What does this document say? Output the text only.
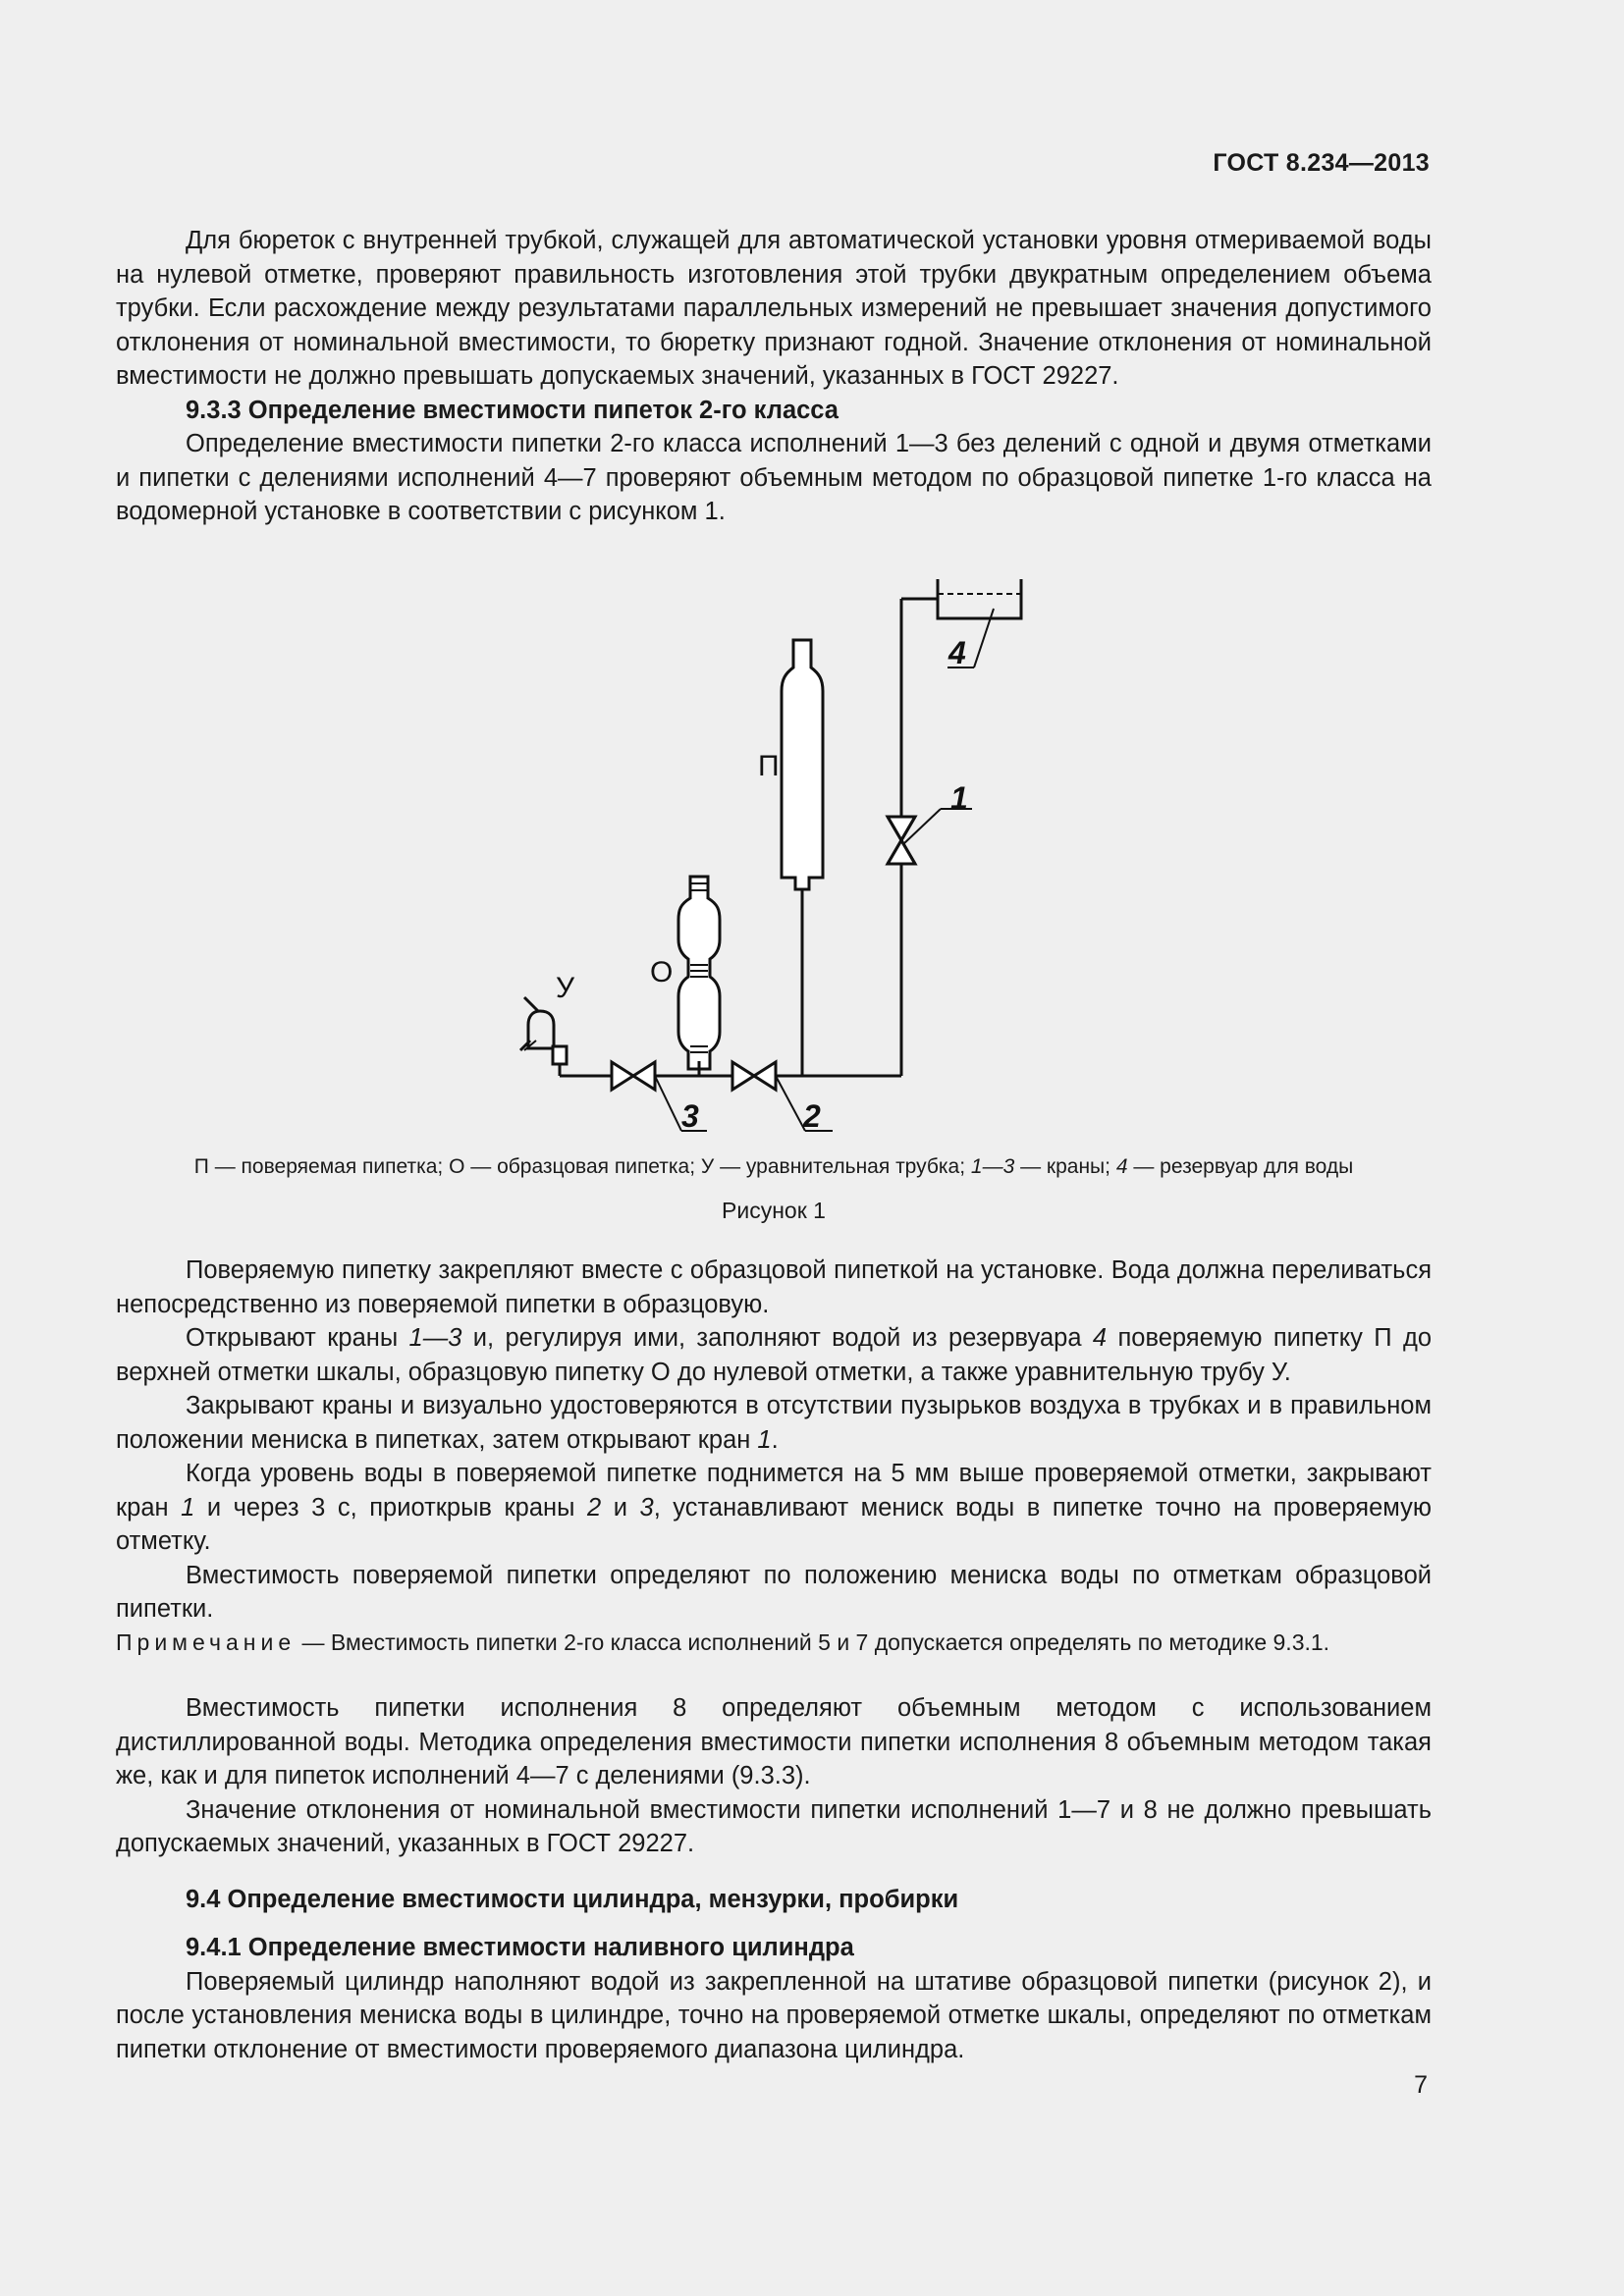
ГОСТ 8.234—2013

Для бюреток с внутренней трубкой, служащей для автоматической установки уровня отмериваемой воды на нулевой отметке, проверяют правильность изготовления этой трубки двукратным определением объема трубки. Если расхождение между результатами параллельных измерений не превышает значения допустимого отклонения от номинальной вместимости, то бюретку признают годной. Значение отклонения от номинальной вместимости не должно превышать допускаемых значений, указанных в ГОСТ 29227.

9.3.3 Определение вместимости пипеток 2-го класса

Определение вместимости пипетки 2-го класса исполнений 1—3 без делений с одной и двумя отметками и пипетки с делениями исполнений 4—7 проверяют объемным методом по образцовой пипетке 1-го класса на водомерной установке в соответствии с рисунком 1.

П
О
У
1
2
3
4
П — поверяемая пипетка; О — образцовая пипетка; У — уравнительная трубка; 1—3 — краны; 4 — резервуар для воды
Рисунок 1

Поверяемую пипетку закрепляют вместе с образцовой пипеткой на установке. Вода должна переливаться непосредственно из поверяемой пипетки в образцовую.

Открывают краны 1—3 и, регулируя ими, заполняют водой из резервуара 4 поверяемую пипетку П до верхней отметки шкалы, образцовую пипетку О до нулевой отметки, а также уравнительную трубу У.

Закрывают краны и визуально удостоверяются в отсутствии пузырьков воздуха в трубках и в правильном положении мениска в пипетках, затем открывают кран 1.

Когда уровень воды в поверяемой пипетке поднимется на 5 мм выше проверяемой отметки, закрывают кран 1 и через 3 с, приоткрыв краны 2 и 3, устанавливают мениск воды в пипетке точно на проверяемую отметку.

Вместимость поверяемой пипетки определяют по положению мениска воды по отметкам образцовой пипетки.

Примечание — Вместимость пипетки 2-го класса исполнений 5 и 7 допускается определять по методике 9.3.1.

Вместимость пипетки исполнения 8 определяют объемным методом с использованием дистиллированной воды. Методика определения вместимости пипетки исполнения 8 объемным методом такая же, как и для пипеток исполнений 4—7 с делениями (9.3.3).

Значение отклонения от номинальной вместимости пипетки исполнений 1—7 и 8 не должно превышать допускаемых значений, указанных в ГОСТ 29227.

9.4 Определение вместимости цилиндра, мензурки, пробирки

9.4.1 Определение вместимости наливного цилиндра

Поверяемый цилиндр наполняют водой из закрепленной на штативе образцовой пипетки (рисунок 2), и после установления мениска воды в цилиндре, точно на проверяемой отметке шкалы, определяют по отметкам пипетки отклонение от вместимости проверяемого диапазона цилиндра.

7
